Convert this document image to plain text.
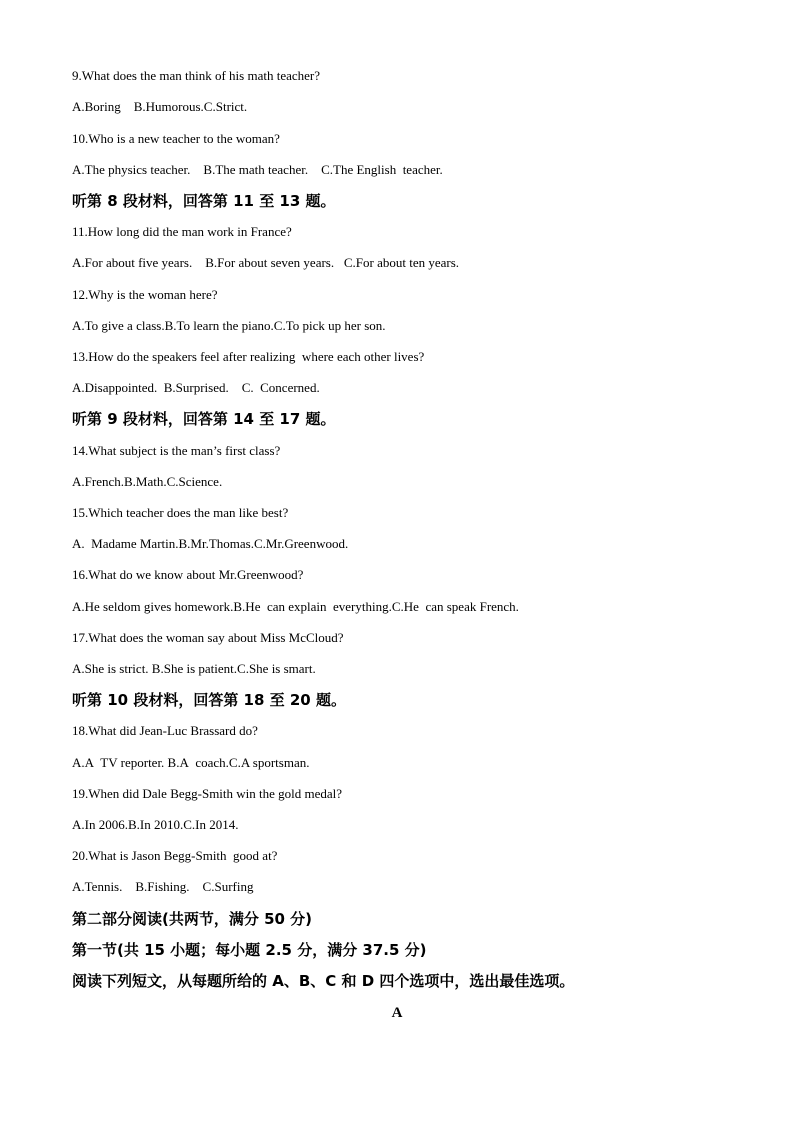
9.What does the man think of his math teacher?
A.Boring    B.Humorous.C.Strict.
10.Who is a new teacher to the woman?
A.The physics teacher.    B.The math teacher.    C.The English  teacher.
听第 8 段材料，回答第 11 至 13 题。
11.How long did the man work in France?
A.For about five years.    B.For about seven years.   C.For about ten years.
12.Why is the woman here?
A.To give a class.B.To learn the piano.C.To pick up her son.
13.How do the speakers feel after realizing  where each other lives?
A.Disappointed.  B.Surprised.    C.  Concerned.
听第 9 段材料，回答第 14 至 17 题。
14.What subject is the man’s first class?
A.French.B.Math.C.Science.
15.Which teacher does the man like best?
A.  Madame Martin.B.Mr.Thomas.C.Mr.Greenwood.
16.What do we know about Mr.Greenwood?
A.He seldom gives homework.B.He  can explain  everything.C.He  can speak French.
17.What does the woman say about Miss McCloud?
A.She is strict. B.She is patient.C.She is smart.
听第 10 段材料，回答第 18 至 20 题。
18.What did Jean-Luc Brassard do?
A.A  TV reporter. B.A  coach.C.A sportsman.
19.When did Dale Begg-Smith win the gold medal?
A.In 2006.B.In 2010.C.In 2014.
20.What is Jason Begg-Smith  good at?
A.Tennis.    B.Fishing.    C.Surfing
第二部分阅读(共两节，满分 50 分)
第一节(共 15 小题；每小题 2.5 分，满分 37.5 分)
阅读下列短文，从每题所给的 A、B、C 和 D 四个选项中，选出最佳选项。
A
